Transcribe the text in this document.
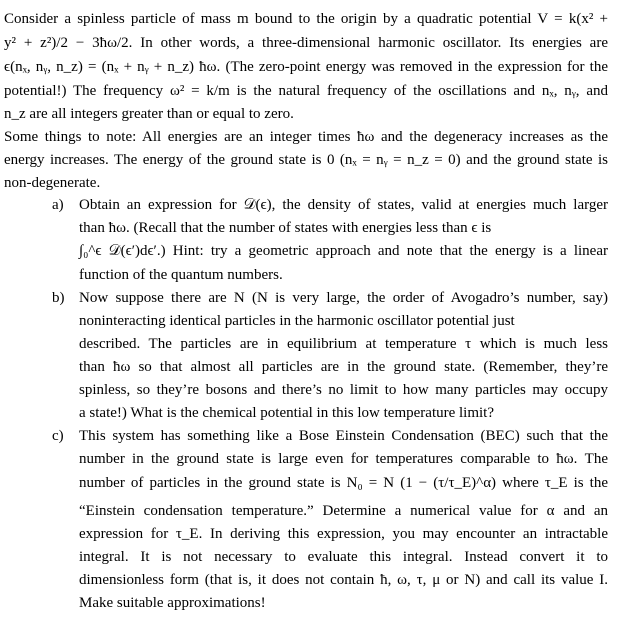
Consider a spinless particle of mass m bound to the origin by a quadratic potential V = k(x² +
y² + z²)/2 − 3ħω/2. In other words, a three-dimensional harmonic oscillator. Its energies are
ϵ(nₓ, nᵧ, n_z) = (nₓ + nᵧ + n_z) ħω. (The zero-point energy was removed in the expression for the
potential!) The frequency ω² = k/m is the natural frequency of the oscillations and nₓ, nᵧ, and
n_z are all integers greater than or equal to zero.
Some things to note: All energies are an integer times ħω and the degeneracy increases as the
energy increases. The energy of the ground state is 0 (nₓ = nᵧ = n_z = 0) and the ground state is
non-degenerate.
a)	Obtain an expression for 𝒟(ϵ), the density of states, valid at energies much larger
than ħω. (Recall that the number of states with energies less than ϵ is
∫₀^ϵ 𝒟(ϵ′)dϵ′.) Hint: try a geometric approach and note that the energy is a linear
function of the quantum numbers.
b) Now suppose there are N (N is very large, the order of Avogadro’s number, say)
noninteracting identical particles in the harmonic oscillator potential just
described. The particles are in equilibrium at temperature τ which is much less
than ħω so that almost all particles are in the ground state. (Remember, they’re
spinless, so they’re bosons and there’s no limit to how many particles may occupy
a state!) What is the chemical potential in this low temperature limit?
c)	This system has something like a Bose Einstein Condensation (BEC) such that the
number in the ground state is large even for temperatures comparable to ħω. The
number of particles in the ground state is N₀ = N (1 − (τ/τ_E)^α) where τ_E is the
“Einstein condensation temperature.” Determine a numerical value for α and an
expression for τ_E. In deriving this expression, you may encounter an intractable
integral. It is not necessary to evaluate this integral. Instead convert it to
dimensionless form (that is, it does not contain ħ, ω, τ, μ or N) and call its value I.
Make suitable approximations!
